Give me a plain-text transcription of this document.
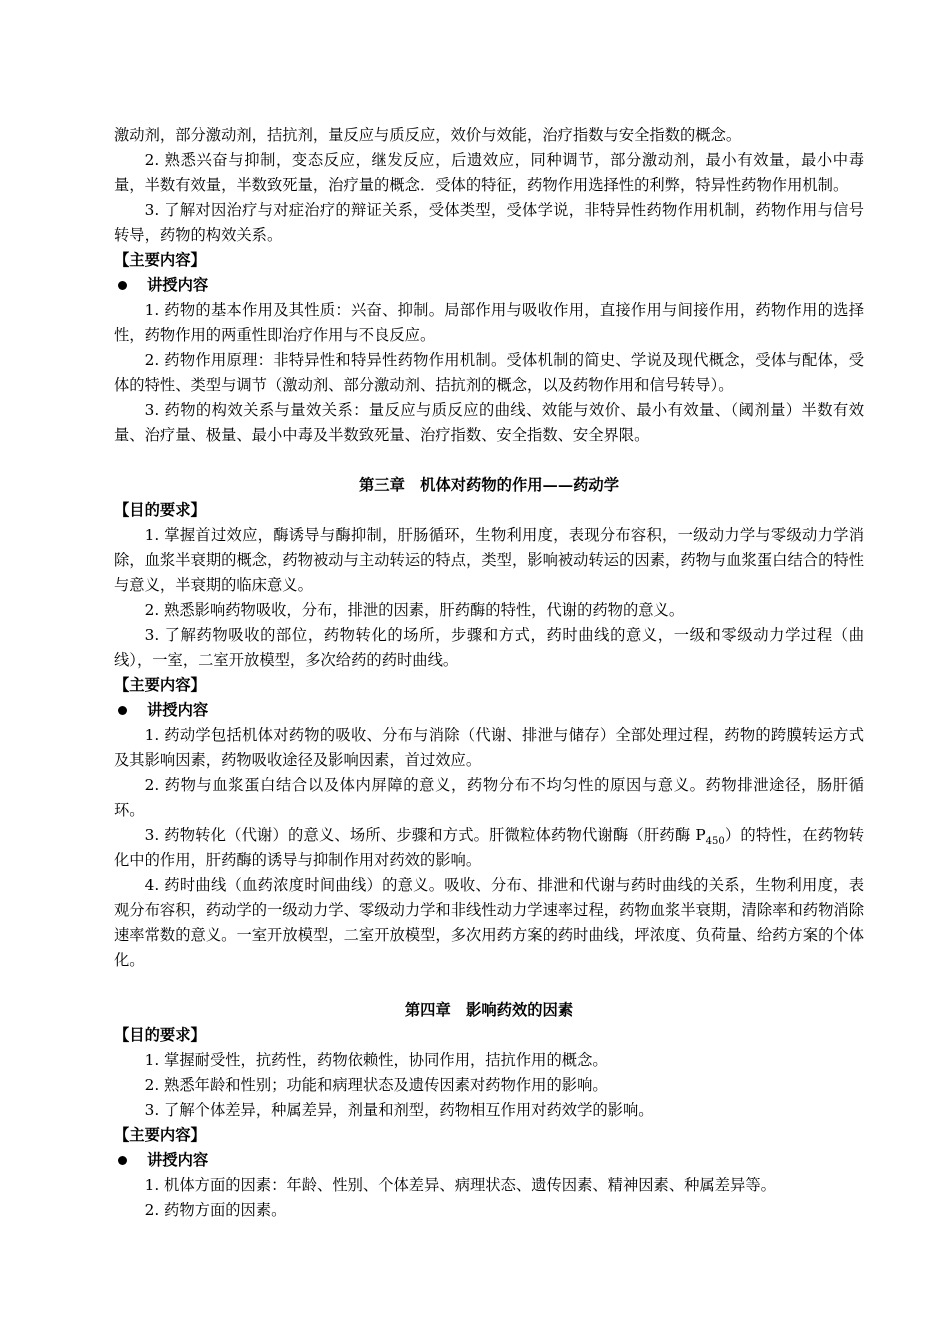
激动剂，部分激动剂，拮抗剂，量反应与质反应，效价与效能，治疗指数与安全指数的概念。

2. 熟悉兴奋与抑制，变态反应，继发反应，后遗效应，同种调节，部分激动剂，最小有效量，最小中毒量，半数有效量，半数致死量，治疗量的概念．受体的特征，药物作用选择性的利弊，特异性药物作用机制。

3. 了解对因治疗与对症治疗的辩证关系，受体类型，受体学说，非特异性药物作用机制，药物作用与信号转导，药物的构效关系。

【主要内容】

讲授内容

1. 药物的基本作用及其性质：兴奋、抑制。局部作用与吸收作用，直接作用与间接作用，药物作用的选择性，药物作用的两重性即治疗作用与不良反应。

2. 药物作用原理：非特异性和特异性药物作用机制。受体机制的简史、学说及现代概念，受体与配体，受体的特性、类型与调节（激动剂、部分激动剂、拮抗剂的概念，以及药物作用和信号转导）。

3. 药物的构效关系与量效关系：量反应与质反应的曲线、效能与效价、最小有效量、（阈剂量）半数有效量、治疗量、极量、最小中毒及半数致死量、治疗指数、安全指数、安全界限。

第三章　机体对药物的作用——药动学

【目的要求】

1. 掌握首过效应，酶诱导与酶抑制，肝肠循环，生物利用度，表现分布容积，一级动力学与零级动力学消除，血浆半衰期的概念，药物被动与主动转运的特点，类型，影响被动转运的因素，药物与血浆蛋白结合的特性与意义，半衰期的临床意义。

2. 熟悉影响药物吸收，分布，排泄的因素，肝药酶的特性，代谢的药物的意义。

3. 了解药物吸收的部位，药物转化的场所，步骤和方式，药时曲线的意义，一级和零级动力学过程（曲线），一室，二室开放模型，多次给药的药时曲线。

【主要内容】

讲授内容

1. 药动学包括机体对药物的吸收、分布与消除（代谢、排泄与储存）全部处理过程，药物的跨膜转运方式及其影响因素，药物吸收途径及影响因素，首过效应。

2. 药物与血浆蛋白结合以及体内屏障的意义，药物分布不均匀性的原因与意义。药物排泄途径，肠肝循环。

3. 药物转化（代谢）的意义、场所、步骤和方式。肝微粒体药物代谢酶（肝药酶 $P_{450}$）的特性，在药物转化中的作用，肝药酶的诱导与抑制作用对药效的影响。

4. 药时曲线（血药浓度时间曲线）的意义。吸收、分布、排泄和代谢与药时曲线的关系，生物利用度，表观分布容积，药动学的一级动力学、零级动力学和非线性动力学速率过程，药物血浆半衰期，清除率和药物消除速率常数的意义。一室开放模型，二室开放模型，多次用药方案的药时曲线，坪浓度、负荷量、给药方案的个体化。

第四章　影响药效的因素

【目的要求】

1. 掌握耐受性，抗药性，药物依赖性，协同作用，拮抗作用的概念。

2. 熟悉年龄和性别；功能和病理状态及遗传因素对药物作用的影响。

3. 了解个体差异，种属差异，剂量和剂型，药物相互作用对药效学的影响。

【主要内容】

讲授内容

1. 机体方面的因素：年龄、性别、个体差异、病理状态、遗传因素、精神因素、种属差异等。

2. 药物方面的因素。
